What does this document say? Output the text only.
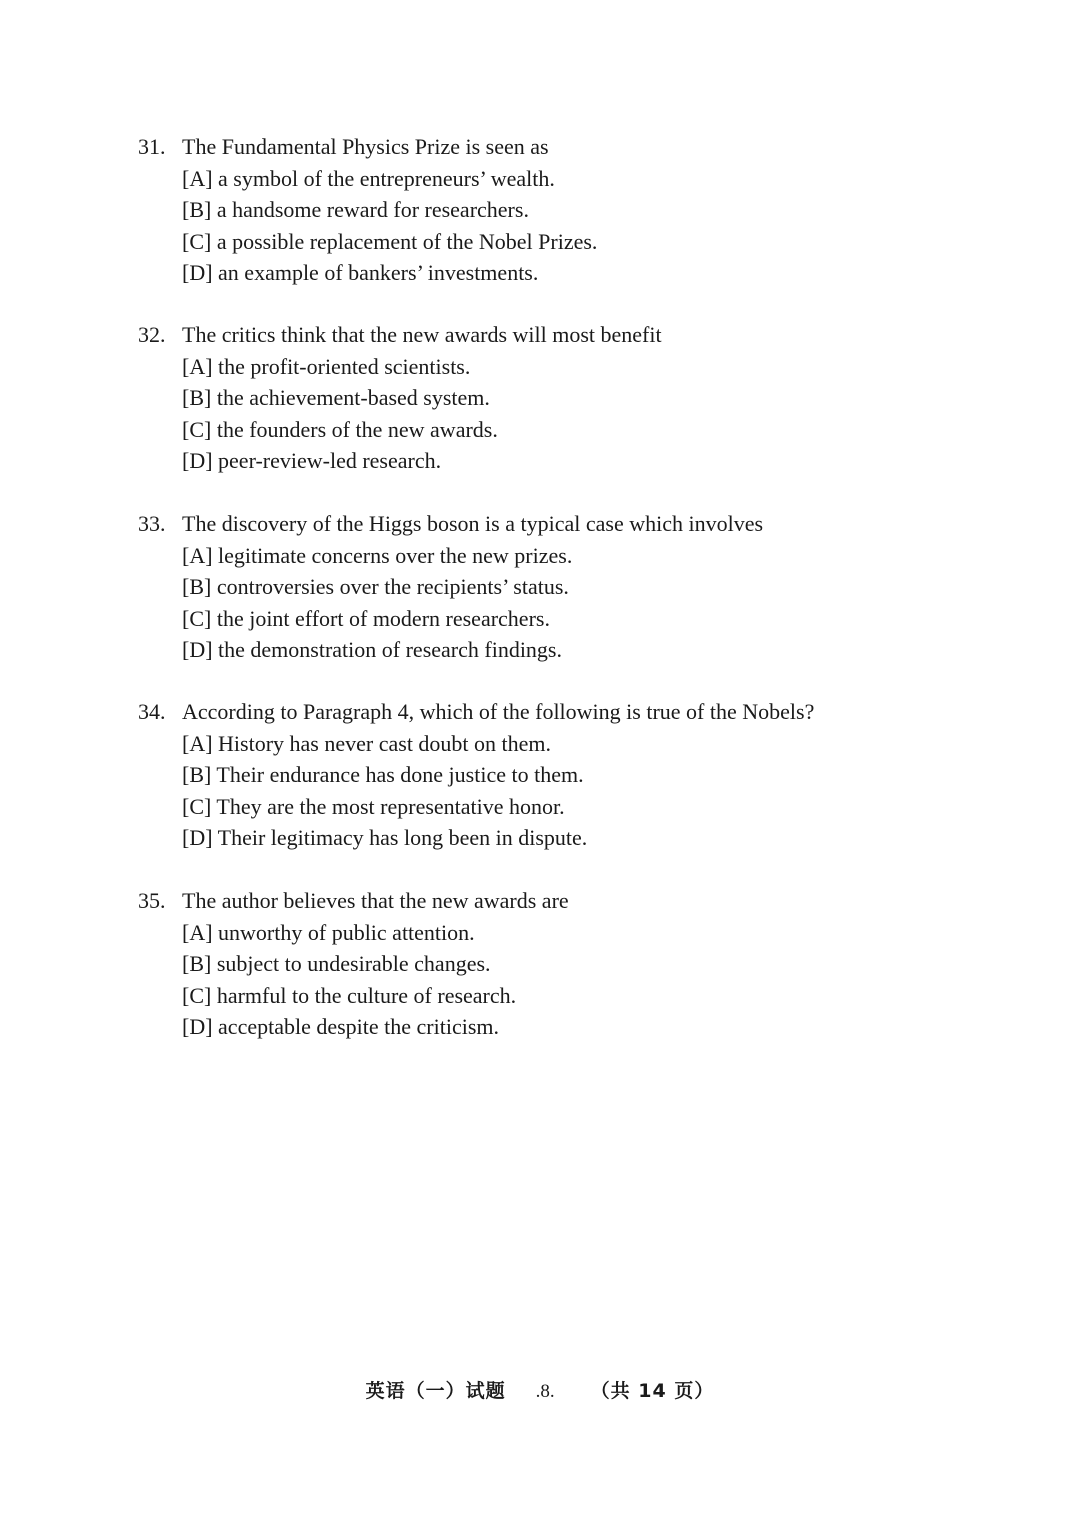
31. The Fundamental Physics Prize is seen as
[A] a symbol of the entrepreneurs’ wealth.
[B] a handsome reward for researchers.
[C] a possible replacement of the Nobel Prizes.
[D] an example of bankers’ investments.
32. The critics think that the new awards will most benefit
[A] the profit-oriented scientists.
[B] the achievement-based system.
[C] the founders of the new awards.
[D] peer-review-led research.
33. The discovery of the Higgs boson is a typical case which involves
[A] legitimate concerns over the new prizes.
[B] controversies over the recipients’ status.
[C] the joint effort of modern researchers.
[D] the demonstration of research findings.
34. According to Paragraph 4, which of the following is true of the Nobels?
[A] History has never cast doubt on them.
[B] Their endurance has done justice to them.
[C] They are the most representative honor.
[D] Their legitimacy has long been in dispute.
35. The author believes that the new awards are
[A] unworthy of public attention.
[B] subject to undesirable changes.
[C] harmful to the culture of research.
[D] acceptable despite the criticism.
英语（一）试题 .8. （共 14 页）
